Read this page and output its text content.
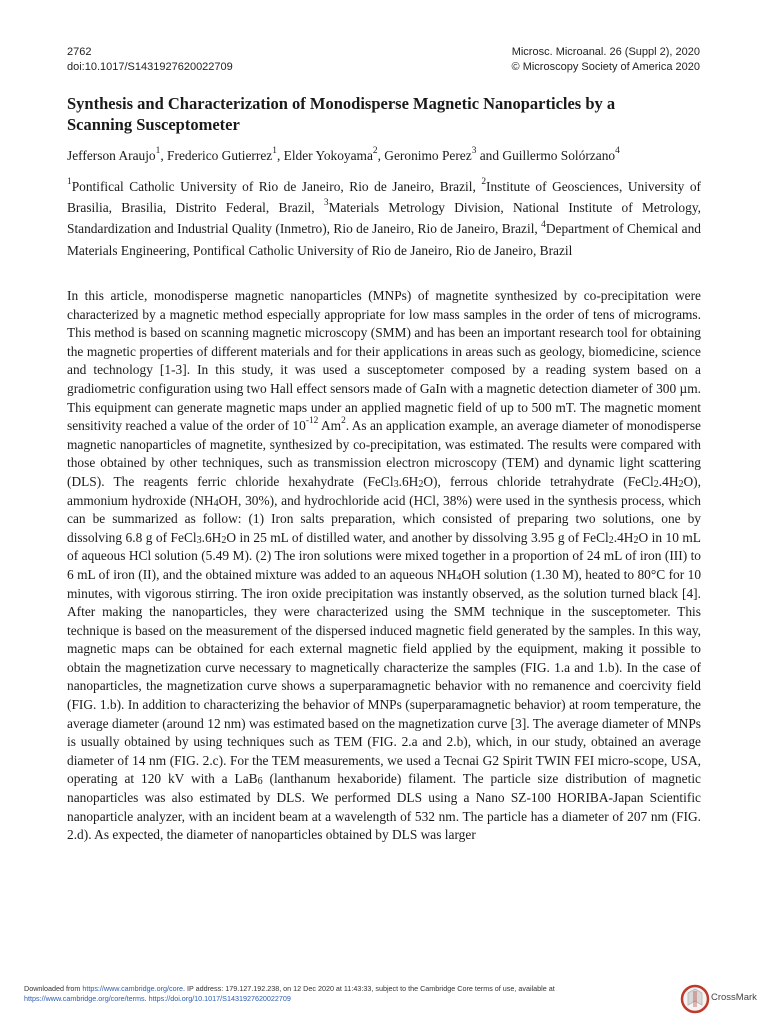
2762
doi:10.1017/S1431927620022709
Microsc. Microanal. 26 (Suppl 2), 2020
© Microscopy Society of America 2020
Synthesis and Characterization of Monodisperse Magnetic Nanoparticles by a Scanning Susceptometer
Jefferson Araujo$^1$, Frederico Gutierrez$^1$, Elder Yokoyama$^2$, Geronimo Perez$^3$ and Guillermo Solórzano$^4$
$^1$Pontifical Catholic University of Rio de Janeiro, Rio de Janeiro, Brazil, $^2$Institute of Geosciences, University of Brasilia, Brasilia, Distrito Federal, Brazil, $^3$Materials Metrology Division, National Institute of Metrology, Standardization and Industrial Quality (Inmetro), Rio de Janeiro, Rio de Janeiro, Brazil, $^4$Department of Chemical and Materials Engineering, Pontifical Catholic University of Rio de Janeiro, Rio de Janeiro, Brazil
In this article, monodisperse magnetic nanoparticles (MNPs) of magnetite synthesized by co-precipitation were characterized by a magnetic method especially appropriate for low mass samples in the order of tens of micrograms. This method is based on scanning magnetic microscopy (SMM) and has been an important research tool for obtaining the magnetic properties of different materials and for their applications in areas such as geology, biomedicine, science and technology [1-3]. In this study, it was used a susceptometer composed by a reading system based on a gradiometric configuration using two Hall effect sensors made of GaIn with a magnetic detection diameter of 300 µm. This equipment can generate magnetic maps under an applied magnetic field of up to 500 mT. The magnetic moment sensitivity reached a value of the order of $10^{-12}$ Am$^2$. As an application example, an average diameter of monodisperse magnetic nanoparticles of magnetite, synthesized by co-precipitation, was estimated. The results were compared with those obtained by other techniques, such as transmission electron microscopy (TEM) and dynamic light scattering (DLS). The reagents ferric chloride hexahydrate $(FeCl_3.6H_2O)$, ferrous chloride tetrahydrate $(FeCl_2.4H_2O)$, ammonium hydroxide ($NH_4OH$, 30%), and hydrochloride acid (HCl, 38%) were used in the synthesis process, which can be summarized as follow: (1) Iron salts preparation, which consisted of preparing two solutions, one by dissolving 6.8 g of $FeCl_3.6H_2O$ in 25 mL of distilled water, and another by dissolving 3.95 g of $FeCl_2.4H_2O$ in 10 mL of aqueous HCl solution (5.49 M). (2) The iron solutions were mixed together in a proportion of 24 mL of iron (III) to 6 mL of iron (II), and the obtained mixture was added to an aqueous $NH_4OH$ solution (1.30 M), heated to 80°C for 10 minutes, with vigorous stirring. The iron oxide precipitation was instantly observed, as the solution turned black [4]. After making the nanoparticles, they were characterized using the SMM technique in the susceptometer. This technique is based on the measurement of the dispersed induced magnetic field generated by the samples. In this way, magnetic maps can be obtained for each external magnetic field applied by the equipment, making it possible to obtain the magnetization curve necessary to magnetically characterize the samples (FIG. 1.a and 1.b). In the case of nanoparticles, the magnetization curve shows a superparamagnetic behavior with no remanence and coercivity field (FIG. 1.b). In addition to characterizing the behavior of MNPs (superparamagnetic behavior) at room temperature, the average diameter (around 12 nm) was estimated based on the magnetization curve [3]. The average diameter of MNPs is usually obtained by using techniques such as TEM (FIG. 2.a and 2.b), which, in our study, obtained an average diameter of 14 nm (FIG. 2.c). For the TEM measurements, we used a Tecnai G2 Spirit TWIN FEI micro-scope, USA, operating at 120 kV with a LaB$_6$ (lanthanum hexaboride) filament. The particle size distribution of magnetic nanoparticles was also estimated by DLS. We performed DLS using a Nano SZ-100 HORIBA-Japan Scientific nanoparticle analyzer, with an incident beam at a wavelength of 532 nm. The particle has a diameter of 207 nm (FIG. 2.d). As expected, the diameter of nanoparticles obtained by DLS was larger
Downloaded from https://www.cambridge.org/core. IP address: 179.127.192.238, on 12 Dec 2020 at 11:43:33, subject to the Cambridge Core terms of use, available at
https://www.cambridge.org/core/terms. https://doi.org/10.1017/S1431927620022709	CrossMark
